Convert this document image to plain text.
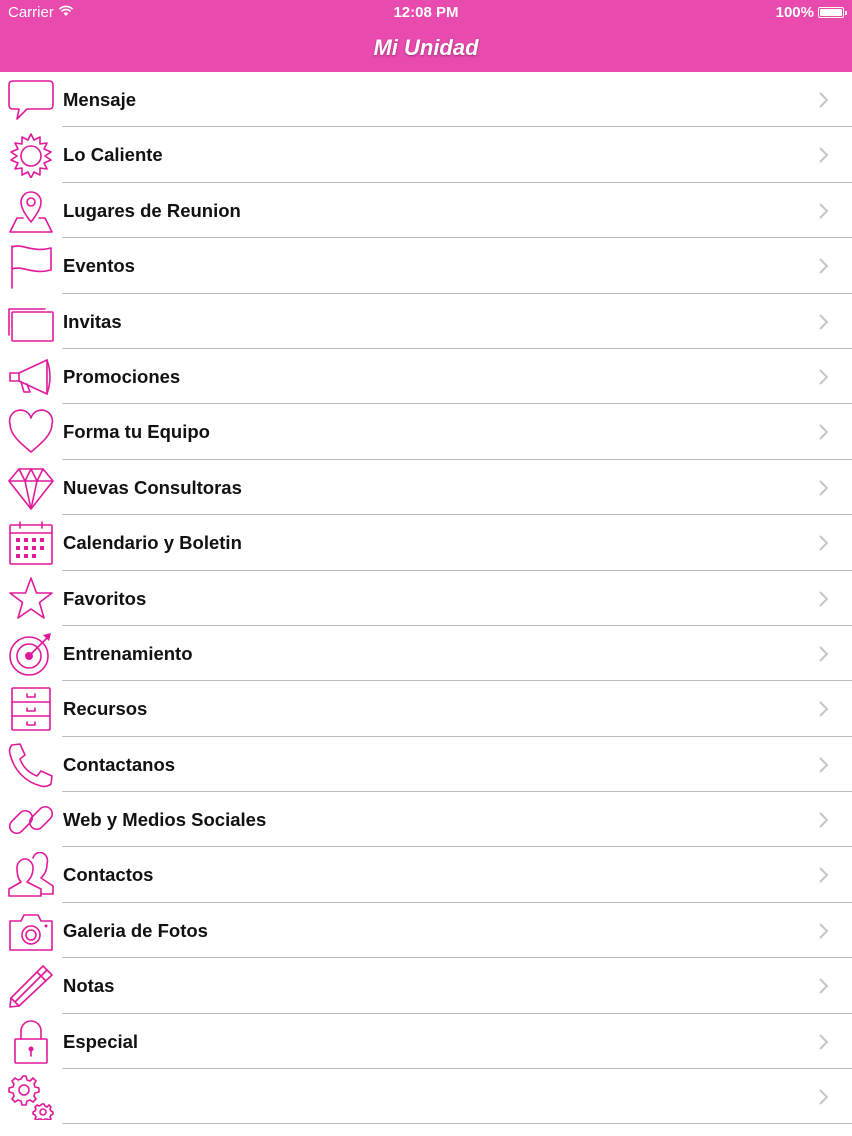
Carrier	12:08 PM	100%
Mi Unidad
Mensaje
Lo Caliente
Lugares de Reunion
Eventos
Invitas
Promociones
Forma tu Equipo
Nuevas Consultoras
Calendario y Boletin
Favoritos
Entrenamiento
Recursos
Contactanos
Web y Medios Sociales
Contactos
Galeria de Fotos
Notas
Especial
